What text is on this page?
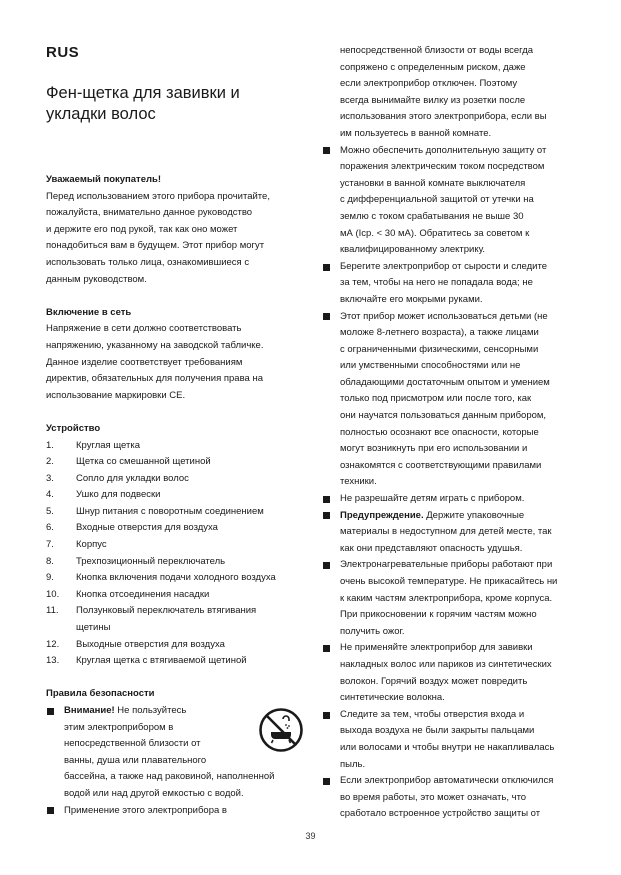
RUS
Фен-щетка для завивки и укладки волос

Уважаемый покупатель!

Перед использованием этого прибора прочитайте,
пожалуйста, внимательно данное руководство
и держите его под рукой, так как оно может
понадобиться вам в будущем. Этот прибор могут
использовать только лица, ознакомившиеся с
данным руководством.

Включение в сеть

Напряжение в сети должно соответствовать
напряжению, указанному на заводской табличке.
Данное изделие соответствует требованиям
директив, обязательных для получения права на
использование маркировки CE.

Устройство

1.	Круглая щетка
2.	Щетка со смешанной щетиной
3.	Сопло для укладки волос
4.	Ушко для подвески
5.	Шнур питания с поворотным соединением
6.	Входные отверстия для воздуха
7.	Корпус
8.	Трехпозиционный переключатель
9.	Кнопка включения подачи холодного воздуха
10.	Кнопка отсоединения насадки
11.	Ползунковый переключатель втягивания
щетины
12.	Выходные отверстия для воздуха
13.	Круглая щетка с втягиваемой щетиной

Правила безопасности

Внимание! Не пользуйтесь
этим электроприбором в
непосредственной близости от
ванны, душа или плавательного
бассейна, а также над раковиной, наполненной
водой или над другой емкостью с водой.
Применение этого электроприбора в
непосредственной близости от воды всегда
сопряжено с определенным риском, даже
если электроприбор отключен. Поэтому
всегда вынимайте вилку из розетки после
использования этого электроприбора, если вы
им пользуетесь в ванной комнате.
Можно обеспечить дополнительную защиту от
поражения электрическим током посредством
установки в ванной комнате выключателя
с дифференциальной защитой от утечки на
землю с током срабатывания не выше 30
мА (Iср. < 30 мА). Обратитесь за советом к
квалифицированному электрику.
Берегите электроприбор от сырости и следите
за тем, чтобы на него не попадала вода; не
включайте его мокрыми руками.
Этот прибор может использоваться детьми (не
моложе 8-летнего возраста), а также лицами
с ограниченными физическими, сенсорными
или умственными способностями или не
обладающими достаточным опытом и умением
только под присмотром или после того, как
они научатся пользоваться данным прибором,
полностью осознают все опасности, которые
могут возникнуть при его использовании и
ознакомятся с соответствующими правилами
техники.
Не разрешайте детям играть с прибором.
Предупреждение. Держите упаковочные
материалы в недоступном для детей месте, так
как они представляют опасность удушья.
Электронагревательные приборы работают при
очень высокой температуре. Не прикасайтесь ни
к каким частям электроприбора, кроме корпуса.
При прикосновении к горячим частям можно
получить ожог.
Не применяйте электроприбор для завивки
накладных волос или париков из синтетических
волокон. Горячий воздух может повредить
синтетические волокна.
Следите за тем, чтобы отверстия входа и
выхода воздуха не были закрыты пальцами
или волосами и чтобы внутри не накапливалась
пыль.
Если электроприбор автоматически отключился
во время работы, это может означать, что
сработало встроенное устройство защиты от
39
